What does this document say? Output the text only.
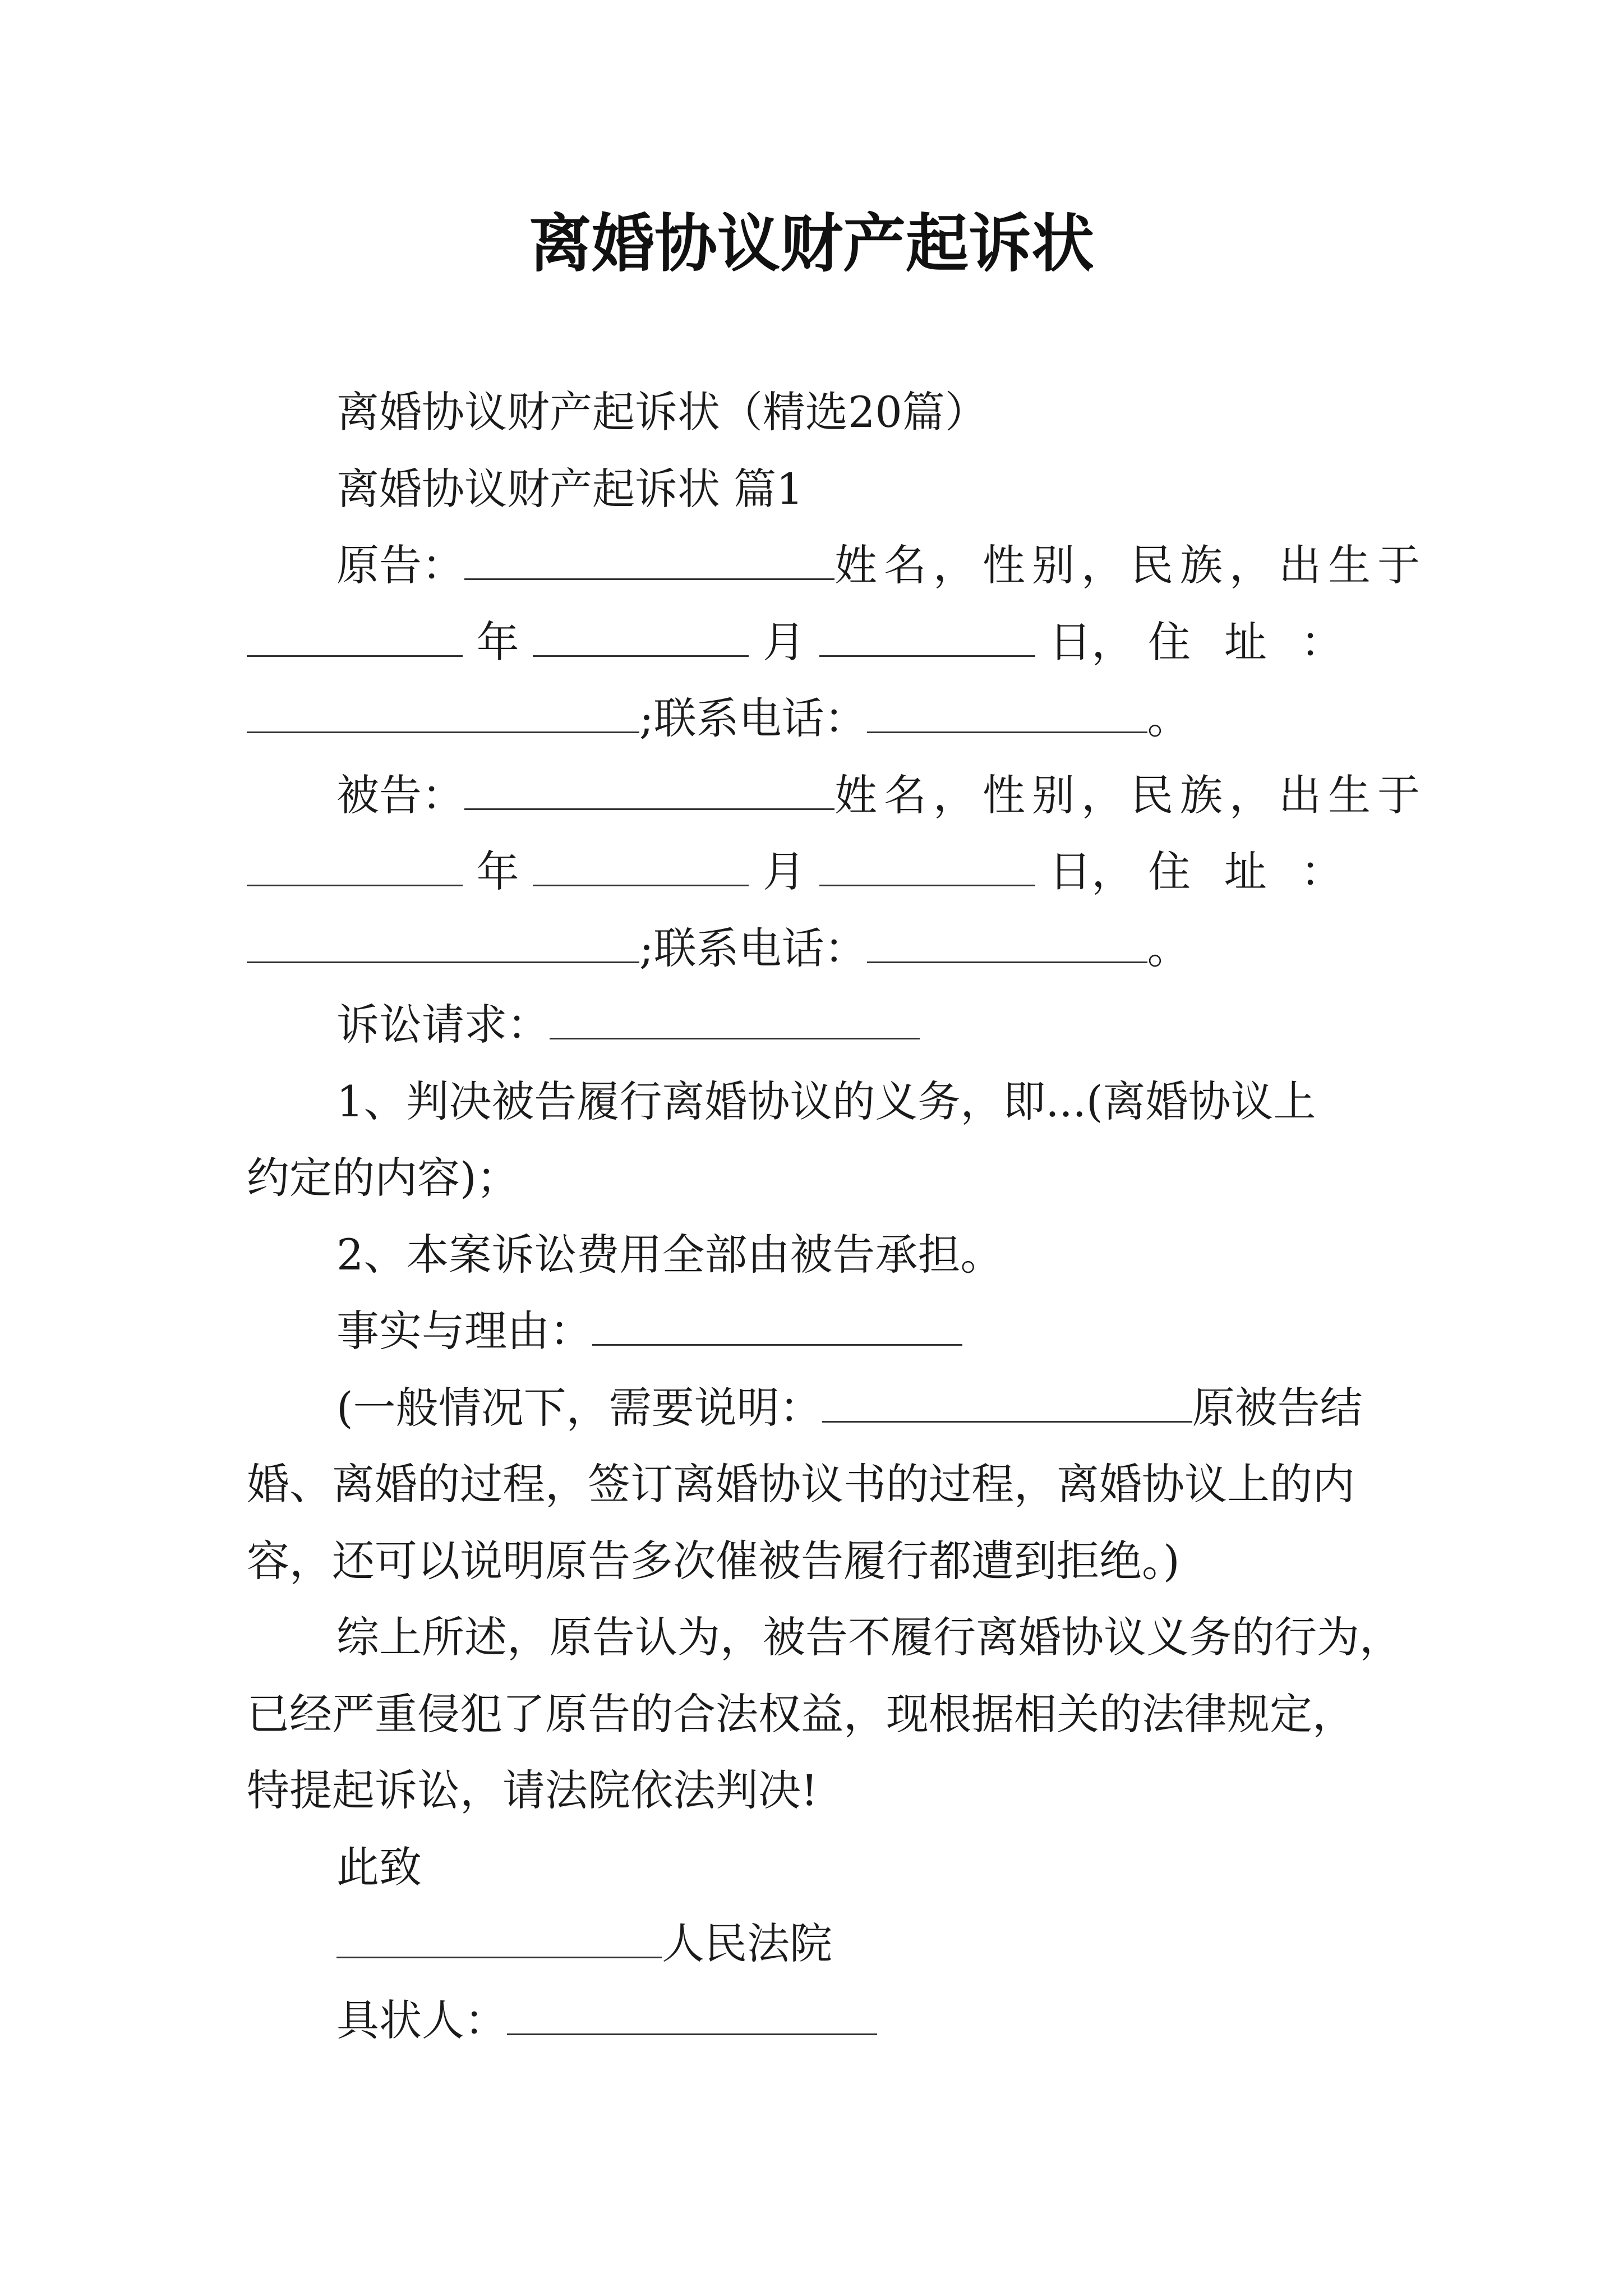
离婚协议财产起诉状
离婚协议财产起诉状（精选20篇）
离婚协议财产起诉状 篇1
原告：	姓名，性别，民族，出生于
年	月	日， 住址：
;联系电话：	。
被告：	姓名，性别，民族，出生于
年	月	日， 住址：
;联系电话：	。
诉讼请求：
1、判决被告履行离婚协议的义务，即...(离婚协议上
约定的内容)；
2、本案诉讼费用全部由被告承担。
事实与理由：
(一般情况下，需要说明：	原被告结
婚、离婚的过程，签订离婚协议书的过程，离婚协议上的内
容，还可以说明原告多次催被告履行都遭到拒绝。)
综上所述，原告认为，被告不履行离婚协议义务的行为，
已经严重侵犯了原告的合法权益，现根据相关的法律规定，
特提起诉讼，请法院依法判决!
此致
人民法院
具状人：
